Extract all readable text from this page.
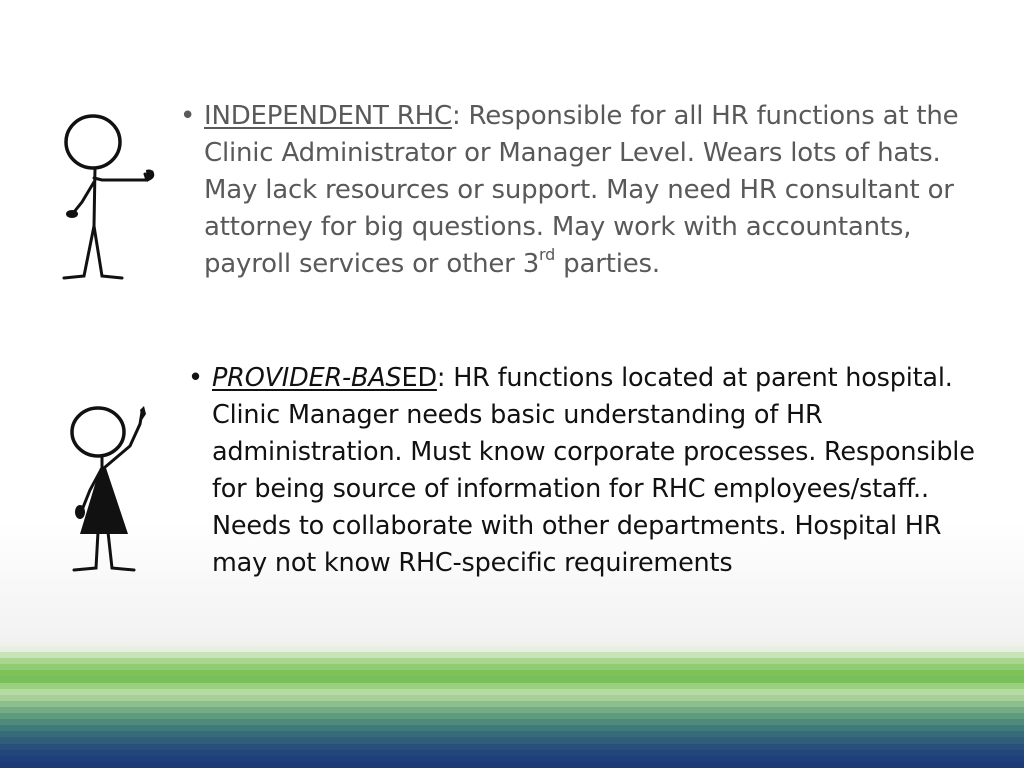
• INDEPENDENT RHC: Responsible for all HR functions at the Clinic Administrator or Manager Level. Wears lots of hats. May lack resources or support. May need HR consultant or attorney for big questions. May work with accountants, payroll services or other 3rd parties.

• PROVIDER-BASED: HR functions located at parent hospital. Clinic Manager needs basic understanding of HR administration. Must know corporate processes. Responsible for being source of information for RHC employees/staff.. Needs to collaborate with other departments. Hospital HR may not know RHC-specific requirements
